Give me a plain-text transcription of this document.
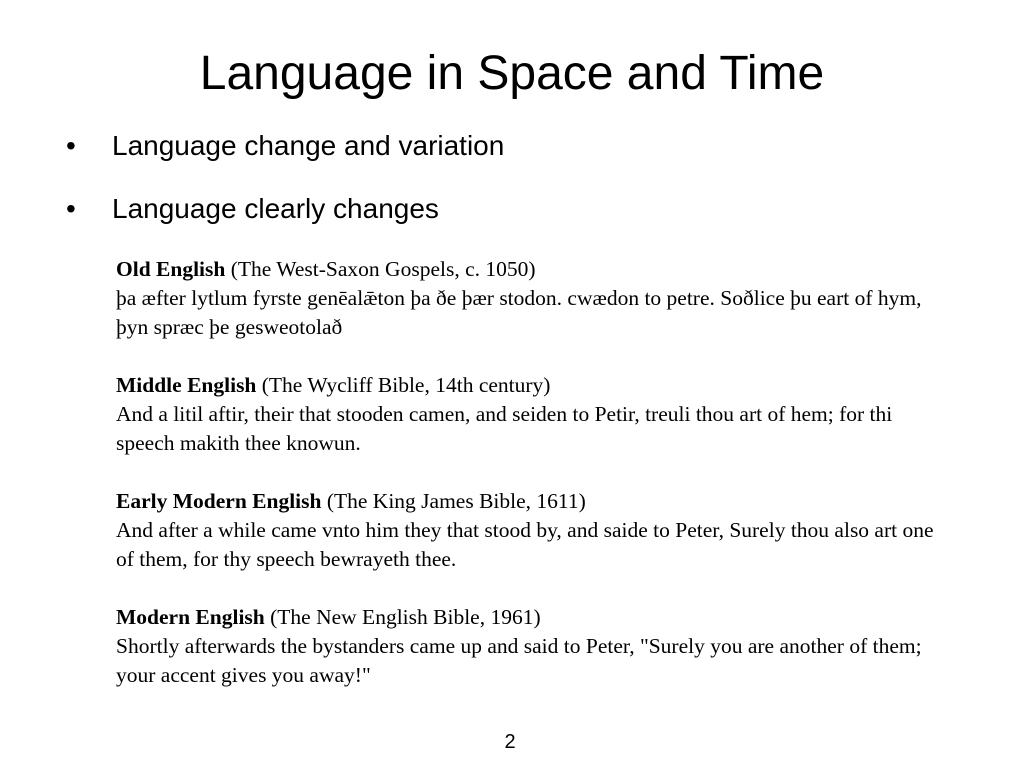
Language in Space and Time
• Language change and variation
• Language clearly changes

Old English (The West-Saxon Gospels, c. 1050)
þa æfter lytlum fyrste genēalǣton þa ðe þær stodon. cwædon to petre. Soðlice þu eart of hym, þyn spræc þe gesweotolað

Middle English (The Wycliff Bible, 14th century)
And a litil aftir, their that stooden camen, and seiden to Petir, treuli thou art of hem; for thi speech makith thee knowun.

Early Modern English (The King James Bible, 1611)
And after a while came vnto him they that stood by, and saide to Peter, Surely thou also art one of them, for thy speech bewrayeth thee.

Modern English (The New English Bible, 1961)
Shortly afterwards the bystanders came up and said to Peter, "Surely you are another of them; your accent gives you away!"

2
